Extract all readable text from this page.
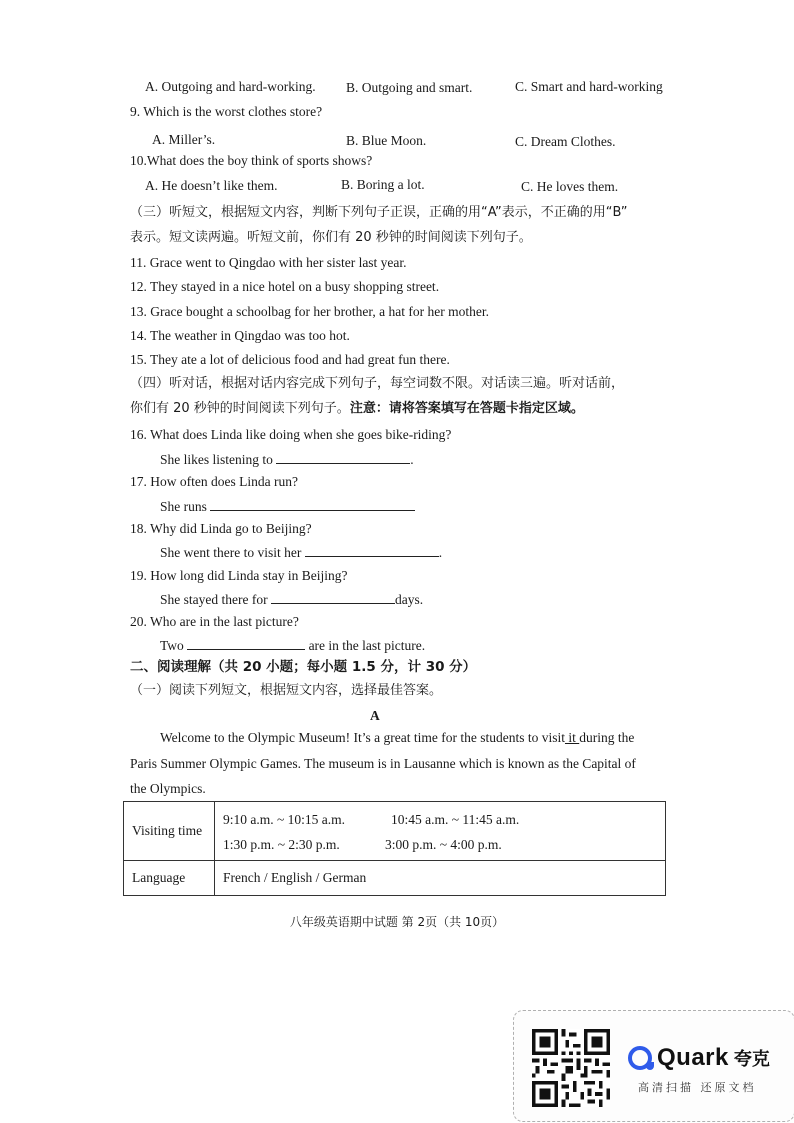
A. Outgoing and hard-working. B. Outgoing and smart.	C. Smart and hard-working
9. Which is the worst clothes store?
A. Miller’s.	B. Blue Moon.	C. Dream Clothes.
10.What does the boy think of sports shows?
A. He doesn’t like them.	B. Boring a lot.	C. He loves them.
（三）听短文，根据短文内容，判断下列句子正误，正确的用“A”表示，不正确的用“B”
表示。短文读两遍。听短文前，你们有 20 秒钟的时间阅读下列句子。
11. Grace went to Qingdao with her sister last year.
12. They stayed in a nice hotel on a busy shopping street.
13. Grace bought a schoolbag for her brother, a hat for her mother.
14. The weather in Qingdao was too hot.
15. They ate a lot of delicious food and had great fun there.
（四）听对话，根据对话内容完成下列句子，每空词数不限。对话读三遍。听对话前，
你们有 20 秒钟的时间阅读下列句子。注意：请将答案填写在答题卡指定区域。
16. What does Linda like doing when she goes bike-riding?
She likes listening to	.
17. How often does Linda run?
She runs
18. Why did Linda go to Beijing?
She went there to visit her	.
19. How long did Linda stay in Beijing?
She stayed there for	days.
20. Who are in the last picture?
Two	are in the last picture.
二、阅读理解（共 20 小题；每小题 1.5 分，计 30 分）
（一）阅读下列短文，根据短文内容，选择最佳答案。
A
Welcome to the Olympic Museum! It’s a great time for the students to visit it during the
Paris Summer Olympic Games. The museum is in Lausanne which is known as the Capital of
the Olympics.
Visiting time	9:10 a.m. ~ 10:15 a.m. 10:45 a.m. ~ 11:45 a.m.
1:30 p.m. ~ 2:30 p.m. 3:00 p.m. ~ 4:00 p.m.

Language	French / English / German
八年级英语期中试题 第 2页（共 10页）
Quark 夸克
高清扫描 还原文档
